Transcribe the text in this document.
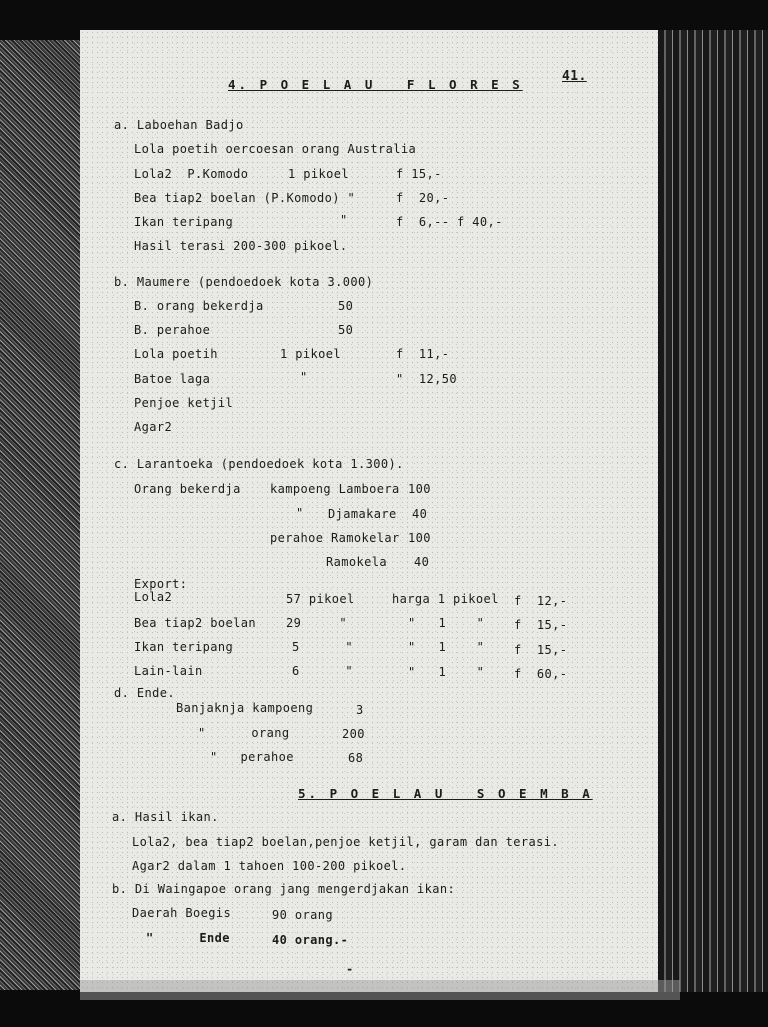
4. P O E L A U   F L O R E S
41.
a. Laboehan Badjo
Lola poetih oercoesan orang Australia
Lola2  P.Komodo	1 pikoel	f 15,-
Bea tiap2 boelan (P.Komodo) "	f  20,-
Ikan teripang	"	f  6,-- f 40,-
Hasil terasi 200-300 pikoel.
b. Maumere (pendoedoek kota 3.000)
B. orang bekerdja	50
B. perahoe	50
Lola poetih	1 pikoel	f  11,-
Batoe laga	"	"  12,50
Penjoe ketjil
Agar2
c. Larantoeka (pendoedoek kota 1.300).
Orang bekerdja kampoeng Lamboera 100
" Djamakare 40
perahoe Ramokelar 100
Ramokela 40
Export:
Lola2	57 pikoel	harga 1 pikoel f  12,-
Bea tiap2 boelan	29     "	"   1    " f  15,-
Ikan teripang	5      "	"   1    " f  15,-
Lain-lain	6      "	"   1    " f  60,-
d. Ende.
Banjaknja kampoeng	3
"      orang	200
"   perahoe	68
5. P O E L A U   S O E M B A
a. Hasil ikan.
Lola2, bea tiap2 boelan,penjoe ketjil, garam dan terasi.
Agar2 dalam 1 tahoen 100-200 pikoel.
b. Di Waingapoe orang jang mengerdjakan ikan:
Daerah Boegis	90 orang
"      Ende	40 orang.-
-
